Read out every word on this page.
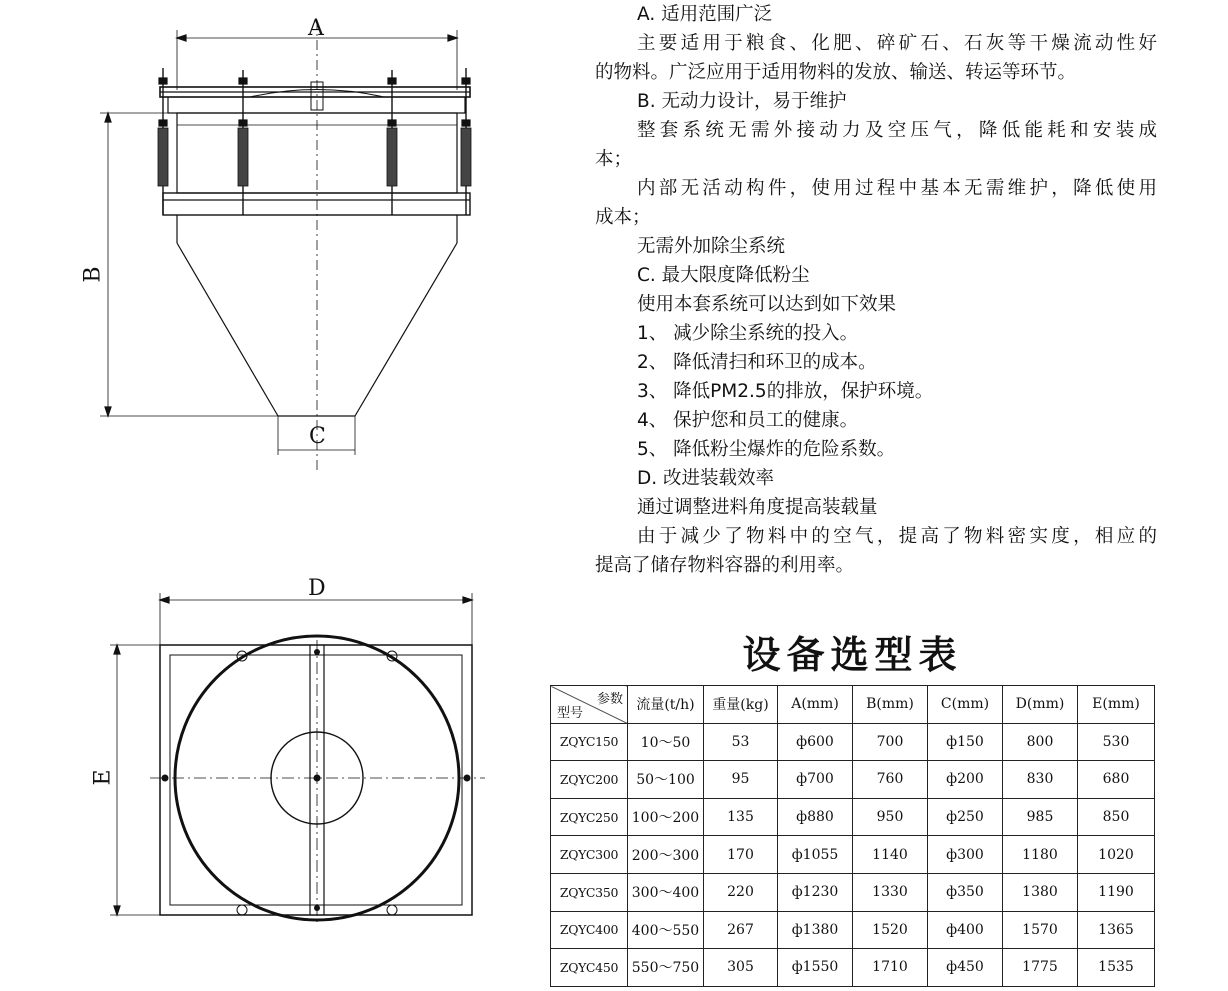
A
B
C
D
E
A. 适用范围广泛
主要适用于粮食、化肥、碎矿石、石灰等干燥流动性好
的物料。广泛应用于适用物料的发放、输送、转运等环节。
B. 无动力设计，易于维护
整套系统无需外接动力及空压气，降低能耗和安装成
本；
内部无活动构件，使用过程中基本无需维护，降低使用
成本；
无需外加除尘系统
C. 最大限度降低粉尘
使用本套系统可以达到如下效果
1、 减少除尘系统的投入。
2、 降低清扫和环卫的成本。
3、 降低PM2.5的排放，保护环境。
4、 保护您和员工的健康。
5、 降低粉尘爆炸的危险系数。
D. 改进装载效率
通过调整进料角度提高装载量
由于减少了物料中的空气，提高了物料密实度，相应的
提高了储存物料容器的利用率。
设备选型表
参数
型号	流量(t/h)	重量(kg)	A(mm)	B(mm)	C(mm)	D(mm)	E(mm)
ZQYC150	10～50	53	ф600	700	ф150	800	530
ZQYC200	50～100	95	ф700	760	ф200	830	680
ZQYC250	100～200	135	ф880	950	ф250	985	850
ZQYC300	200～300	170	ф1055	1140	ф300	1180	1020
ZQYC350	300～400	220	ф1230	1330	ф350	1380	1190
ZQYC400	400～550	267	ф1380	1520	ф400	1570	1365
ZQYC450	550～750	305	ф1550	1710	ф450	1775	1535
